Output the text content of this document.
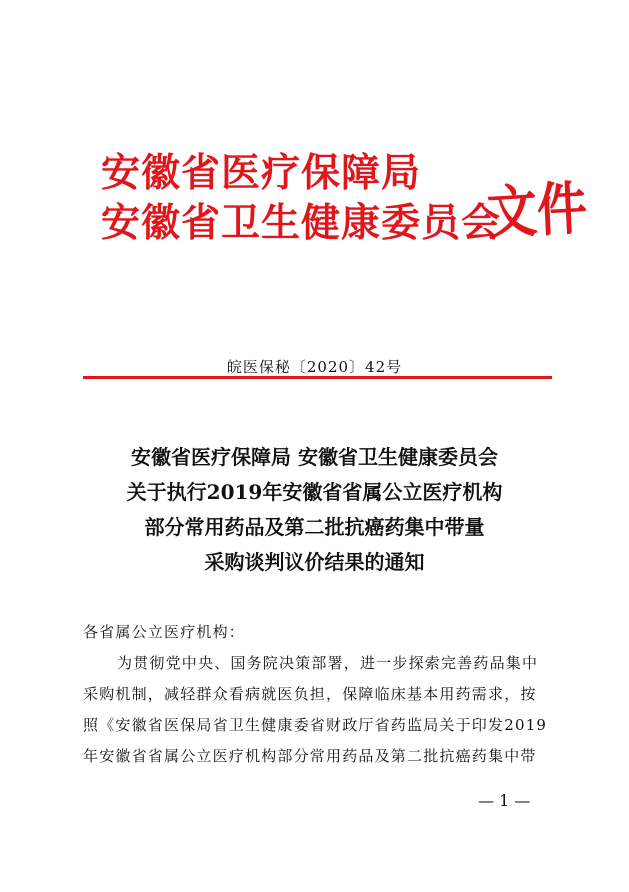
安徽省医疗保障局
安徽省卫生健康委员会
文件
皖医保秘〔2020〕42号
安徽省医疗保障局 安徽省卫生健康委员会
关于执行2019年安徽省省属公立医疗机构
部分常用药品及第二批抗癌药集中带量
采购谈判议价结果的通知
各省属公立医疗机构：
为贯彻党中央、国务院决策部署，进一步探索完善药品集中
采购机制，减轻群众看病就医负担，保障临床基本用药需求，按
照《安徽省医保局省卫生健康委省财政厅省药监局关于印发2019
年安徽省省属公立医疗机构部分常用药品及第二批抗癌药集中带
— 1 —
